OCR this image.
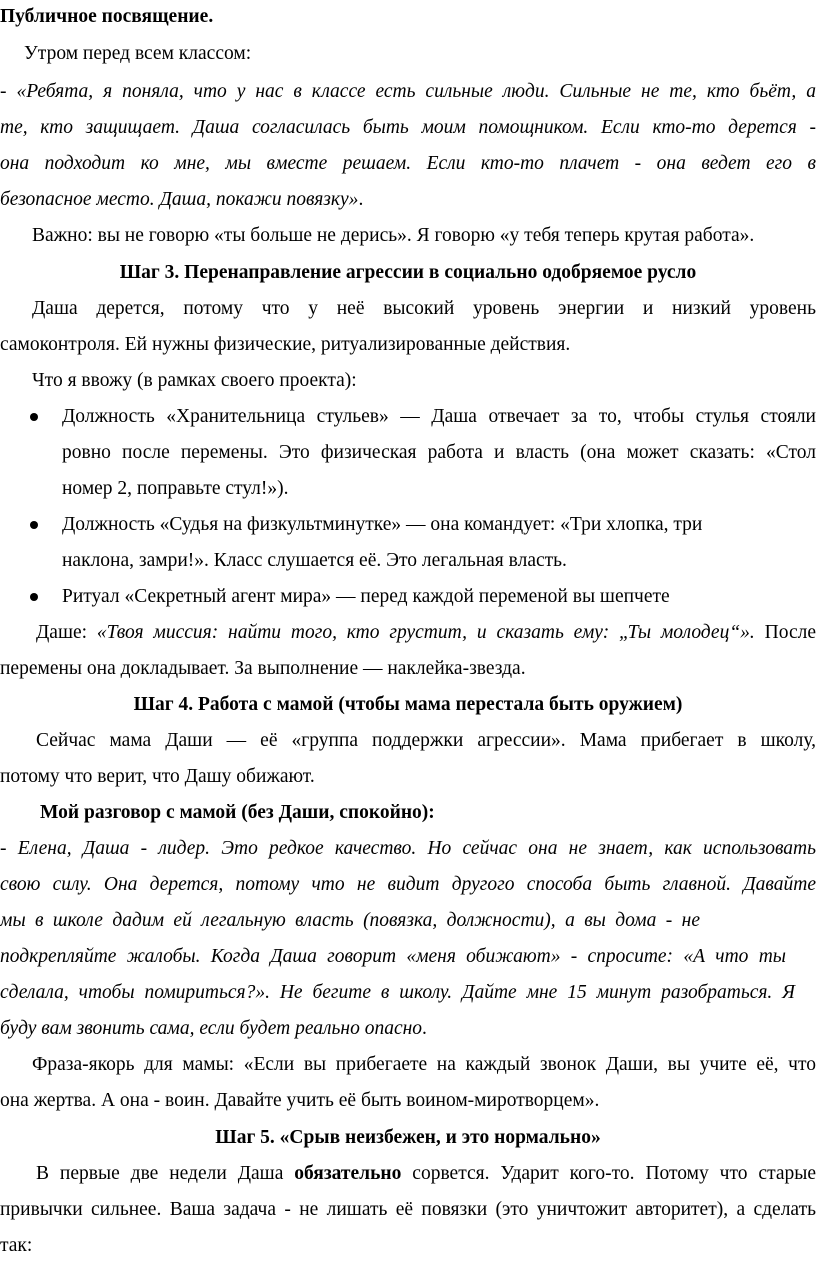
Публичное посвящение.
Утром перед всем классом:
- «Ребята, я поняла, что у нас в классе есть сильные люди. Сильные не те, кто бьёт, а
те, кто защищает. Даша согласилась быть моим помощником. Если кто-то дерется -
она подходит ко мне, мы вместе решаем. Если кто-то плачет - она ведет его в
безопасное место. Даша, покажи повязку».
Важно: вы не говорю «ты больше не дерись». Я говорю «у тебя теперь крутая работа».
Шаг 3. Перенаправление агрессии в социально одобряемое русло
Даша дерется, потому что у неё высокий уровень энергии и низкий уровень
самоконтроля. Ей нужны физические, ритуализированные действия.
Что я ввожу (в рамках своего проекта):
Должность «Хранительница стульев» — Даша отвечает за то, чтобы стулья стояли
ровно после перемены. Это физическая работа и власть (она может сказать: «Стол
номер 2, поправьте стул!»).
Должность «Судья на физкультминутке» — она командует: «Три хлопка, три
наклона, замри!». Класс слушается её. Это легальная власть.
Ритуал «Секретный агент мира» — перед каждой переменой вы шепчете
Даше: «Твоя миссия: найти того, кто грустит, и сказать ему: „Ты молодец“». После
перемены она докладывает. За выполнение — наклейка-звезда.
Шаг 4. Работа с мамой (чтобы мама перестала быть оружием)
Сейчас мама Даши — её «группа поддержки агрессии». Мама прибегает в школу,
потому что верит, что Дашу обижают.
Мой разговор с мамой (без Даши, спокойно):
- Елена, Даша - лидер. Это редкое качество. Но сейчас она не знает, как использовать
свою силу. Она дерется, потому что не видит другого способа быть главной. Давайте
мы в школе дадим ей легальную власть (повязка, должности), а вы дома - не
подкрепляйте жалобы. Когда Даша говорит «меня обижают» - спросите: «А что ты
сделала, чтобы помириться?». Не бегите в школу. Дайте мне 15 минут разобраться. Я
буду вам звонить сама, если будет реально опасно.
Фраза-якорь для мамы: «Если вы прибегаете на каждый звонок Даши, вы учите её, что
она жертва. А она - воин. Давайте учить её быть воином-миротворцем».
Шаг 5. «Срыв неизбежен, и это нормально»
В первые две недели Даша обязательно сорвется. Ударит кого-то. Потому что старые
привычки сильнее. Ваша задача - не лишать её повязки (это уничтожит авторитет), а сделать
так:
